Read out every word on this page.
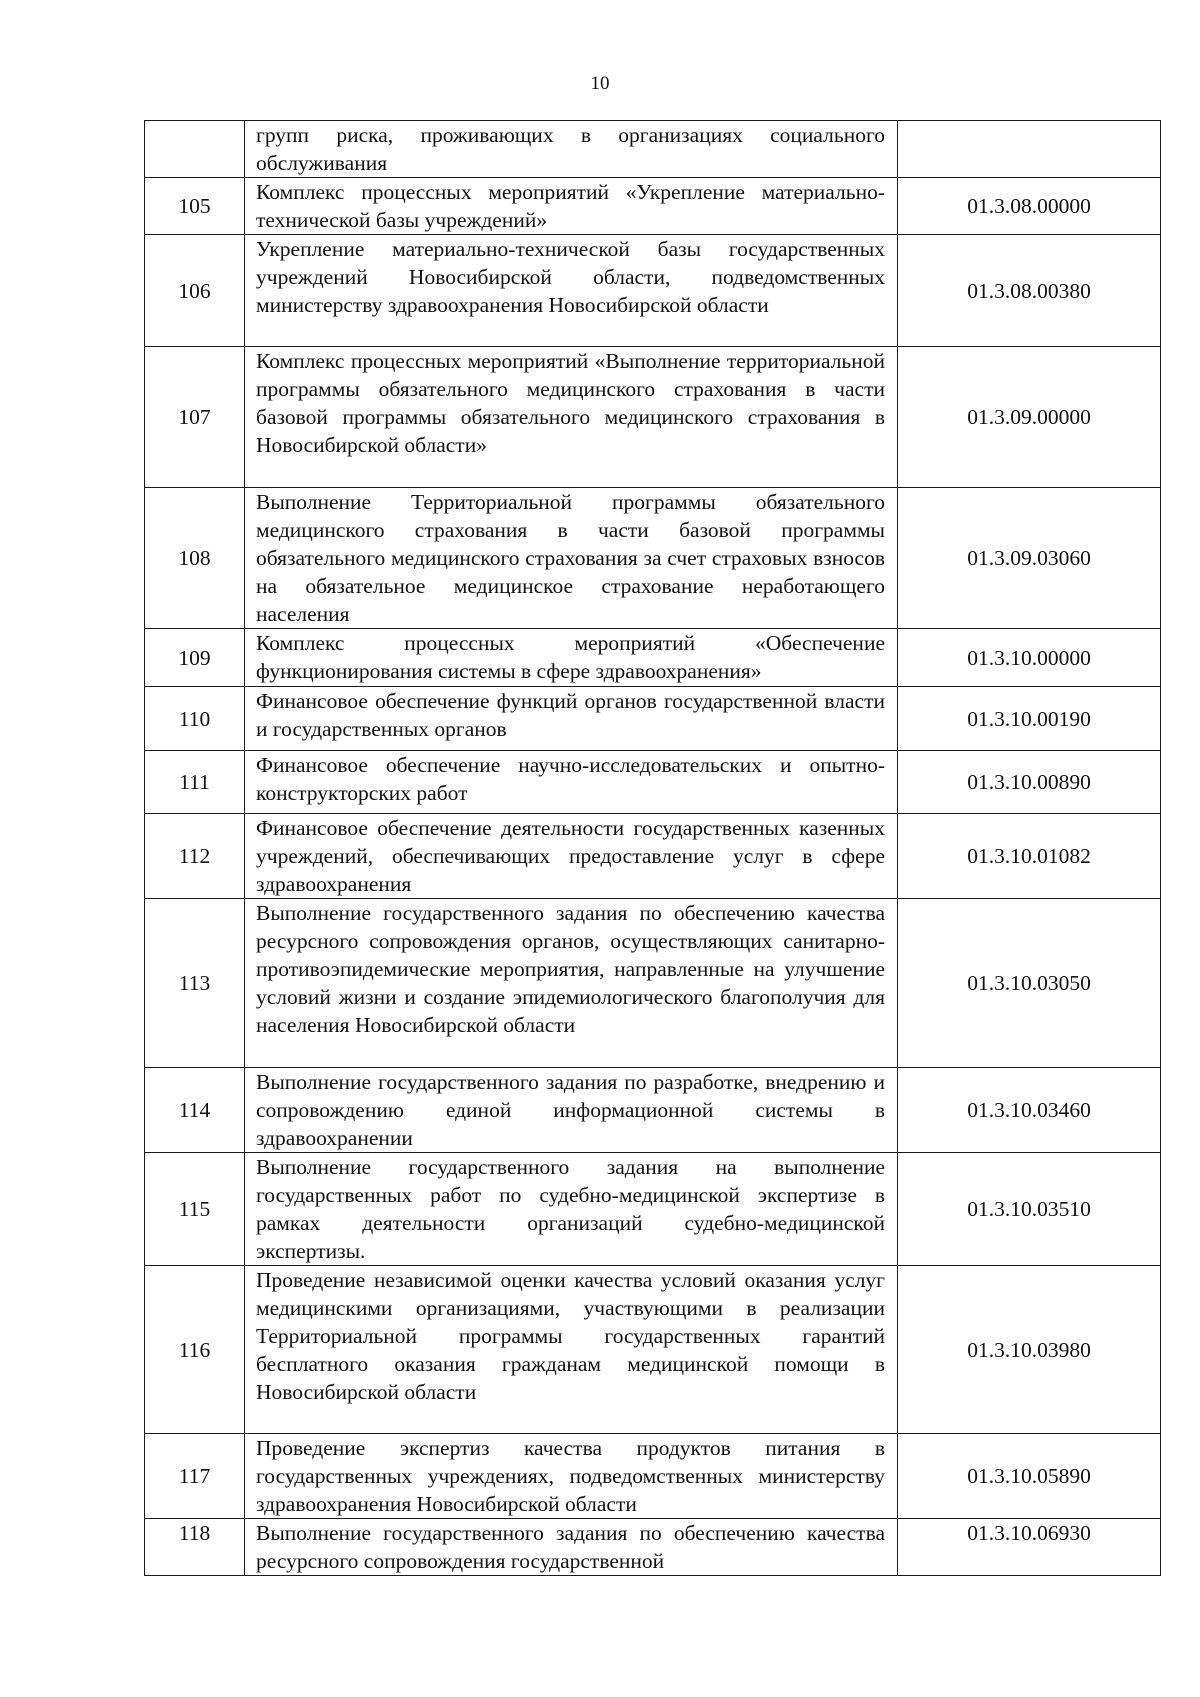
10

	групп риска, проживающих в организациях социального обслуживания	

105	Комплекс процессных мероприятий «Укрепление материально-технической базы учреждений»	01.3.08.00000
106	Укрепление материально-технической базы государственных учреждений Новосибирской области, подведомственных министерству здравоохранения Новосибирской области	01.3.08.00380
107	Комплекс процессных мероприятий «Выполнение территориальной программы обязательного медицинского страхования в части базовой программы обязательного медицинского страхования в Новосибирской области»	01.3.09.00000
108	Выполнение Территориальной программы обязательного медицинского страхования в части базовой программы обязательного медицинского страхования за счет страховых взносов на обязательное медицинское страхование неработающего населения	01.3.09.03060
109	Комплекс процессных мероприятий «Обеспечение функционирования системы в сфере здравоохранения»	01.3.10.00000
110	Финансовое обеспечение функций органов государственной власти и государственных органов	01.3.10.00190
111	Финансовое обеспечение научно-исследовательских и опытно-конструкторских работ	01.3.10.00890
112	Финансовое обеспечение деятельности государственных казенных учреждений, обеспечивающих предоставление услуг в сфере здравоохранения	01.3.10.01082
113	Выполнение государственного задания по обеспечению качества ресурсного сопровождения органов, осуществляющих санитарно-противоэпидемические мероприятия, направленные на улучшение условий жизни и создание эпидемиологического благополучия для населения Новосибирской области	01.3.10.03050
114	Выполнение государственного задания по разработке, внедрению и сопровождению единой информационной системы в здравоохранении	01.3.10.03460
115	Выполнение государственного задания на выполнение государственных работ по судебно-медицинской экспертизе в рамках деятельности организаций судебно-медицинской экспертизы.	01.3.10.03510
116	Проведение независимой оценки качества условий оказания услуг медицинскими организациями, участвующими в реализации Территориальной программы государственных гарантий бесплатного оказания гражданам медицинской помощи в Новосибирской области	01.3.10.03980
117	Проведение экспертиз качества продуктов питания в государственных учреждениях, подведомственных министерству здравоохранения Новосибирской области	01.3.10.05890
118	Выполнение государственного задания по обеспечению качества ресурсного сопровождения государственной	01.3.10.06930
